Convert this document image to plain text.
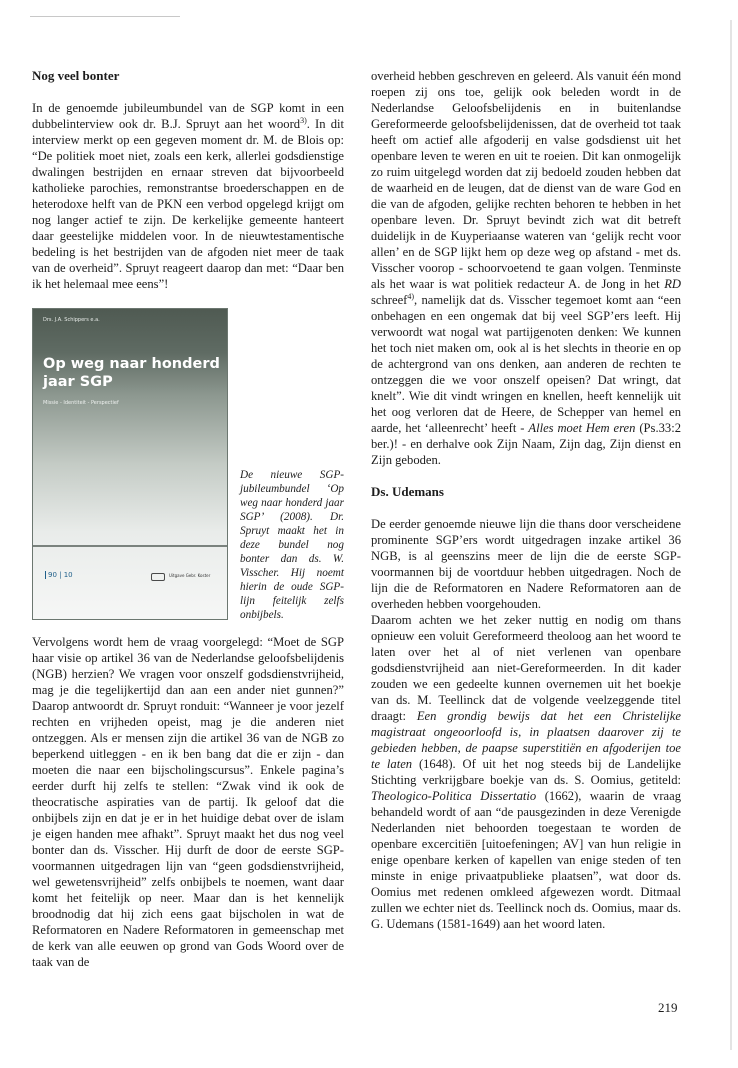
Nog veel bonter

In de genoemde jubileumbundel van de SGP komt in een dubbelinterview ook dr. B.J. Spruyt aan het woord$^{3)}$. In dit interview merkt op een gegeven moment dr. M. de Blois op: “De politiek moet niet, zoals een kerk, allerlei godsdienstige dwalingen bestrijden en ernaar streven dat bijvoorbeeld katholieke parochies, remonstrantse broederschappen en de heterodoxe helft van de PKN een verbod opgelegd krijgt om nog langer actief te zijn. De kerkelijke gemeente hanteert daar geestelijke middelen voor. In de nieuwtestamentische bedeling is het bestrijden van de afgoden niet meer de taak van de overheid”. Spruyt reageert daarop dan met: “Daar ben ik het helemaal mee eens”!

Drs. J.A. Schippers e.a.
Op weg naar honderd jaar SGP
Missie - Identiteit - Perspectief
90 | 10	Uitgave Gebr. Koster

De nieuwe SGP-jubileumbundel ‘Op weg naar honderd jaar SGP’ (2008). Dr. Spruyt maakt het in deze bundel nog bonter dan ds. W. Visscher. Hij noemt hierin de oude SGP-lijn feitelijk zelfs onbijbels.

Vervolgens wordt hem de vraag voorgelegd: “Moet de SGP haar visie op artikel 36 van de Nederlandse geloofsbelijdenis (NGB) herzien? We vragen voor onszelf godsdienstvrijheid, mag je die tegelijkertijd dan aan een ander niet gunnen?” Daarop antwoordt dr. Spruyt ronduit: “Wanneer je voor jezelf rechten en vrijheden opeist, mag je die anderen niet ontzeggen. Als er mensen zijn die artikel 36 van de NGB zo beperkend uitleggen - en ik ben bang dat die er zijn - dan moeten die naar een bijscholingscursus”. Enkele pagina’s eerder durft hij zelfs te stellen: “Zwak vind ik ook de theocratische aspiraties van de partij. Ik geloof dat die onbijbels zijn en dat je er in het huidige debat over de islam je eigen handen mee afhakt”. Spruyt maakt het dus nog veel bonter dan ds. Visscher. Hij durft de door de eerste SGP-voormannen uitgedragen lijn van “geen godsdienstvrijheid, wel gewetensvrijheid” zelfs onbijbels te noemen, want daar komt het feitelijk op neer. Maar dan is het kennelijk broodnodig dat hij zich eens gaat bijscholen in wat de Reformatoren en Nadere Reformatoren in gemeenschap met de kerk van alle eeuwen op grond van Gods Woord over de taak van de

overheid hebben geschreven en geleerd. Als vanuit één mond roepen zij ons toe, gelijk ook beleden wordt in de Nederlandse Geloofsbelijdenis en in buitenlandse Gereformeerde geloofsbelijdenissen, dat de overheid tot taak heeft om actief alle afgoderij en valse godsdienst uit het openbare leven te weren en uit te roeien. Dit kan onmogelijk zo ruim uitgelegd worden dat zij bedoeld zouden hebben dat de waarheid en de leugen, dat de dienst van de ware God en die van de afgoden, gelijke rechten behoren te hebben in het openbare leven. Dr. Spruyt bevindt zich wat dit betreft duidelijk in de Kuyperiaanse wateren van ‘gelijk recht voor allen’ en de SGP lijkt hem op deze weg op afstand - met ds. Visscher voorop - schoorvoetend te gaan volgen. Tenminste als het waar is wat politiek redacteur A. de Jong in het RD schreef$^{4)}$, namelijk dat ds. Visscher tegemoet komt aan “een onbehagen en een ongemak dat bij veel SGP’ers leeft. Hij verwoordt wat nogal wat partijgenoten denken: We kunnen het toch niet maken om, ook al is het slechts in theorie en op de achtergrond van ons denken, aan anderen de rechten te ontzeggen die we voor onszelf opeisen? Dat wringt, dat knelt”. Wie dit vindt wringen en knellen, heeft kennelijk uit het oog verloren dat de Heere, de Schepper van hemel en aarde, het ‘alleenrecht’ heeft - Alles moet Hem eren (Ps.33:2 ber.)! - en derhalve ook Zijn Naam, Zijn dag, Zijn dienst en Zijn geboden.

Ds. Udemans

De eerder genoemde nieuwe lijn die thans door verscheidene prominente SGP’ers wordt uitgedragen inzake artikel 36 NGB, is al geenszins meer de lijn die de eerste SGP-voormannen bij de voortduur hebben uitgedragen. Noch de lijn die de Reformatoren en Nadere Reformatoren aan de overheden hebben voorgehouden.

Daarom achten we het zeker nuttig en nodig om thans opnieuw een voluit Gereformeerd theoloog aan het woord te laten over het al of niet verlenen van openbare godsdienstvrijheid aan niet-Gereformeerden. In dit kader zouden we een gedeelte kunnen overnemen uit het boekje van ds. M. Teellinck dat de volgende veelzeggende titel draagt: Een grondig bewijs dat het een Christelijke magistraat ongeoorloofd is, in plaatsen daarover zij te gebieden hebben, de paapse superstitiën en afgoderijen toe te laten (1648). Of uit het nog steeds bij de Landelijke Stichting verkrijgbare boekje van ds. S. Oomius, getiteld: Theologico-Politica Dissertatio (1662), waarin de vraag behandeld wordt of aan “de pausgezinden in deze Verenigde Nederlanden niet behoorden toegestaan te worden de openbare excercitiën [uitoefeningen; AV] van hun religie in enige openbare kerken of kapellen van enige steden of ten minste in enige privaatpublieke plaatsen”, wat door ds. Oomius met redenen omkleed afgewezen wordt. Ditmaal zullen we echter niet ds. Teellinck noch ds. Oomius, maar ds. G. Udemans (1581-1649) aan het woord laten.

219
